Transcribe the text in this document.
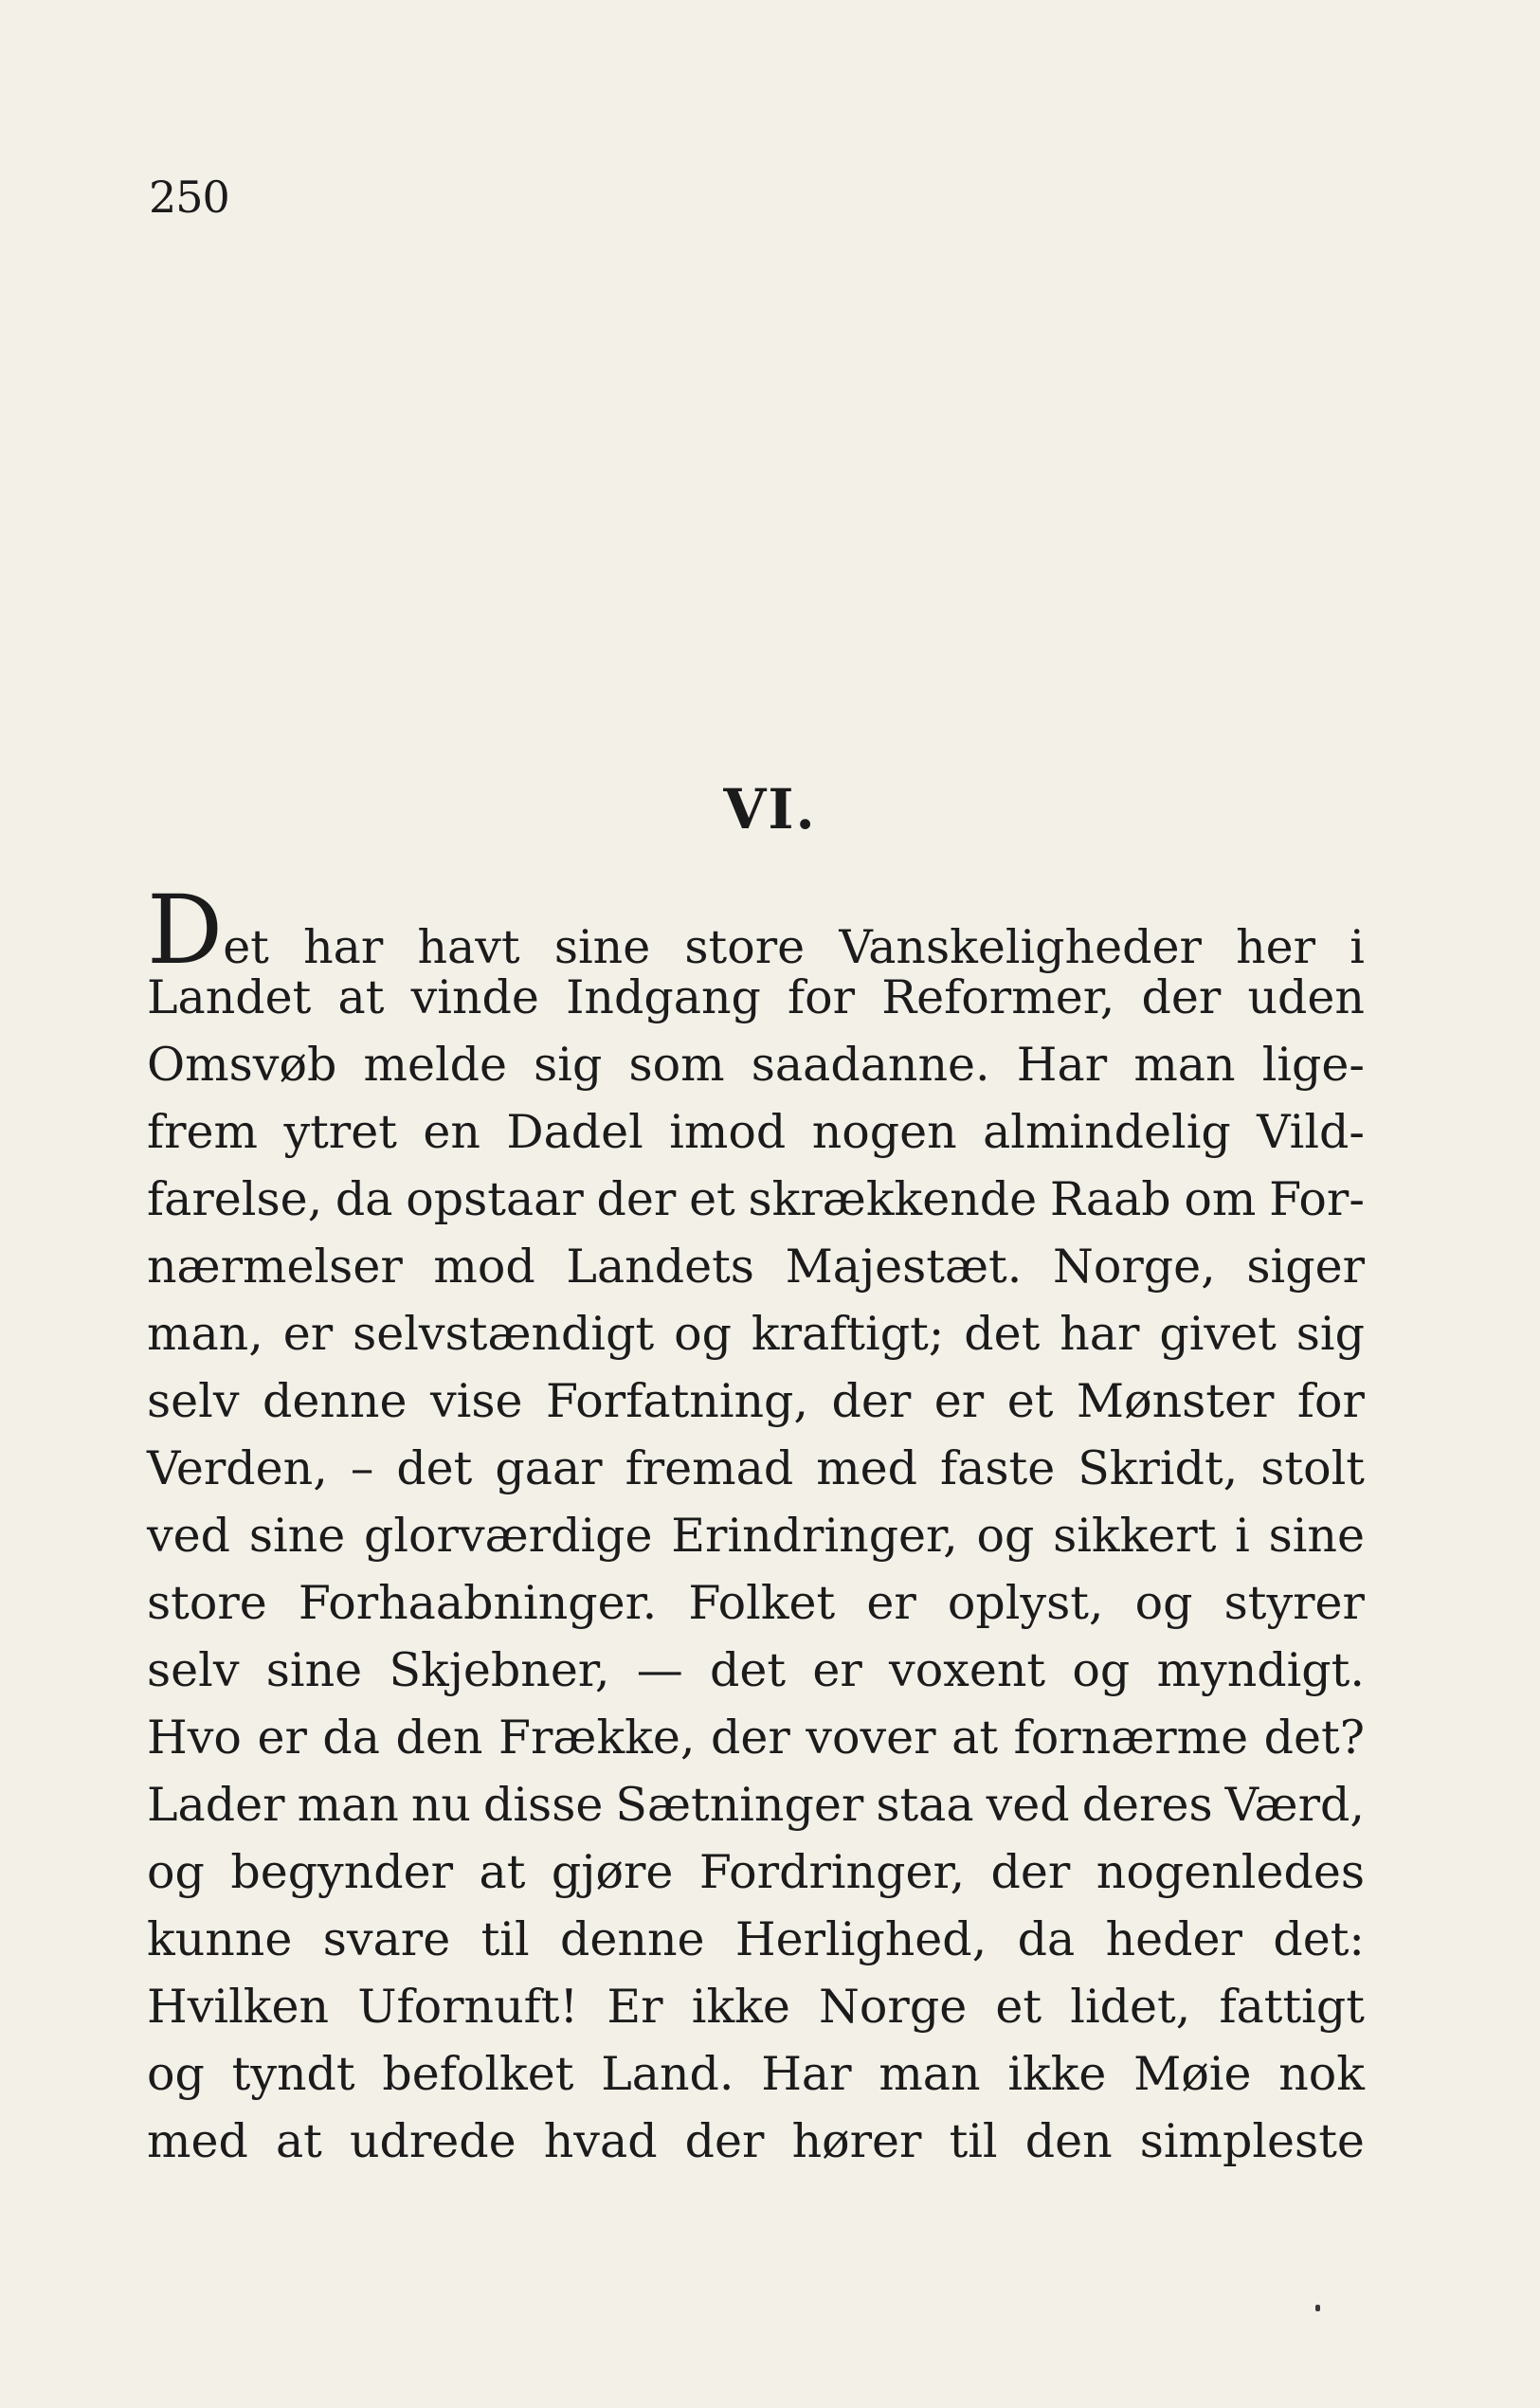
250
VI.
Det har havt sine store Vanskeligheder her i
Landet at vinde Indgang for Reformer, der uden
Omsvøb melde sig som saadanne. Har man lige-
frem ytret en Dadel imod nogen almindelig Vild-
farelse, da opstaar der et skrækkende Raab om For-
nærmelser mod Landets Majestæt. Norge, siger
man, er selvstændigt og kraftigt; det har givet sig
selv denne vise Forfatning, der er et Mønster for
Verden, – det gaar fremad med faste Skridt, stolt
ved sine glorværdige Erindringer, og sikkert i sine
store Forhaabninger. Folket er oplyst, og styrer
selv sine Skjebner, — det er voxent og myndigt.
Hvo er da den Frække, der vover at fornærme det?
Lader man nu disse Sætninger staa ved deres Værd,
og begynder at gjøre Fordringer, der nogenledes
kunne svare til denne Herlighed, da heder det:
Hvilken Ufornuft! Er ikke Norge et lidet, fattigt
og tyndt befolket Land. Har man ikke Møie nok
med at udrede hvad der hører til den simpleste
